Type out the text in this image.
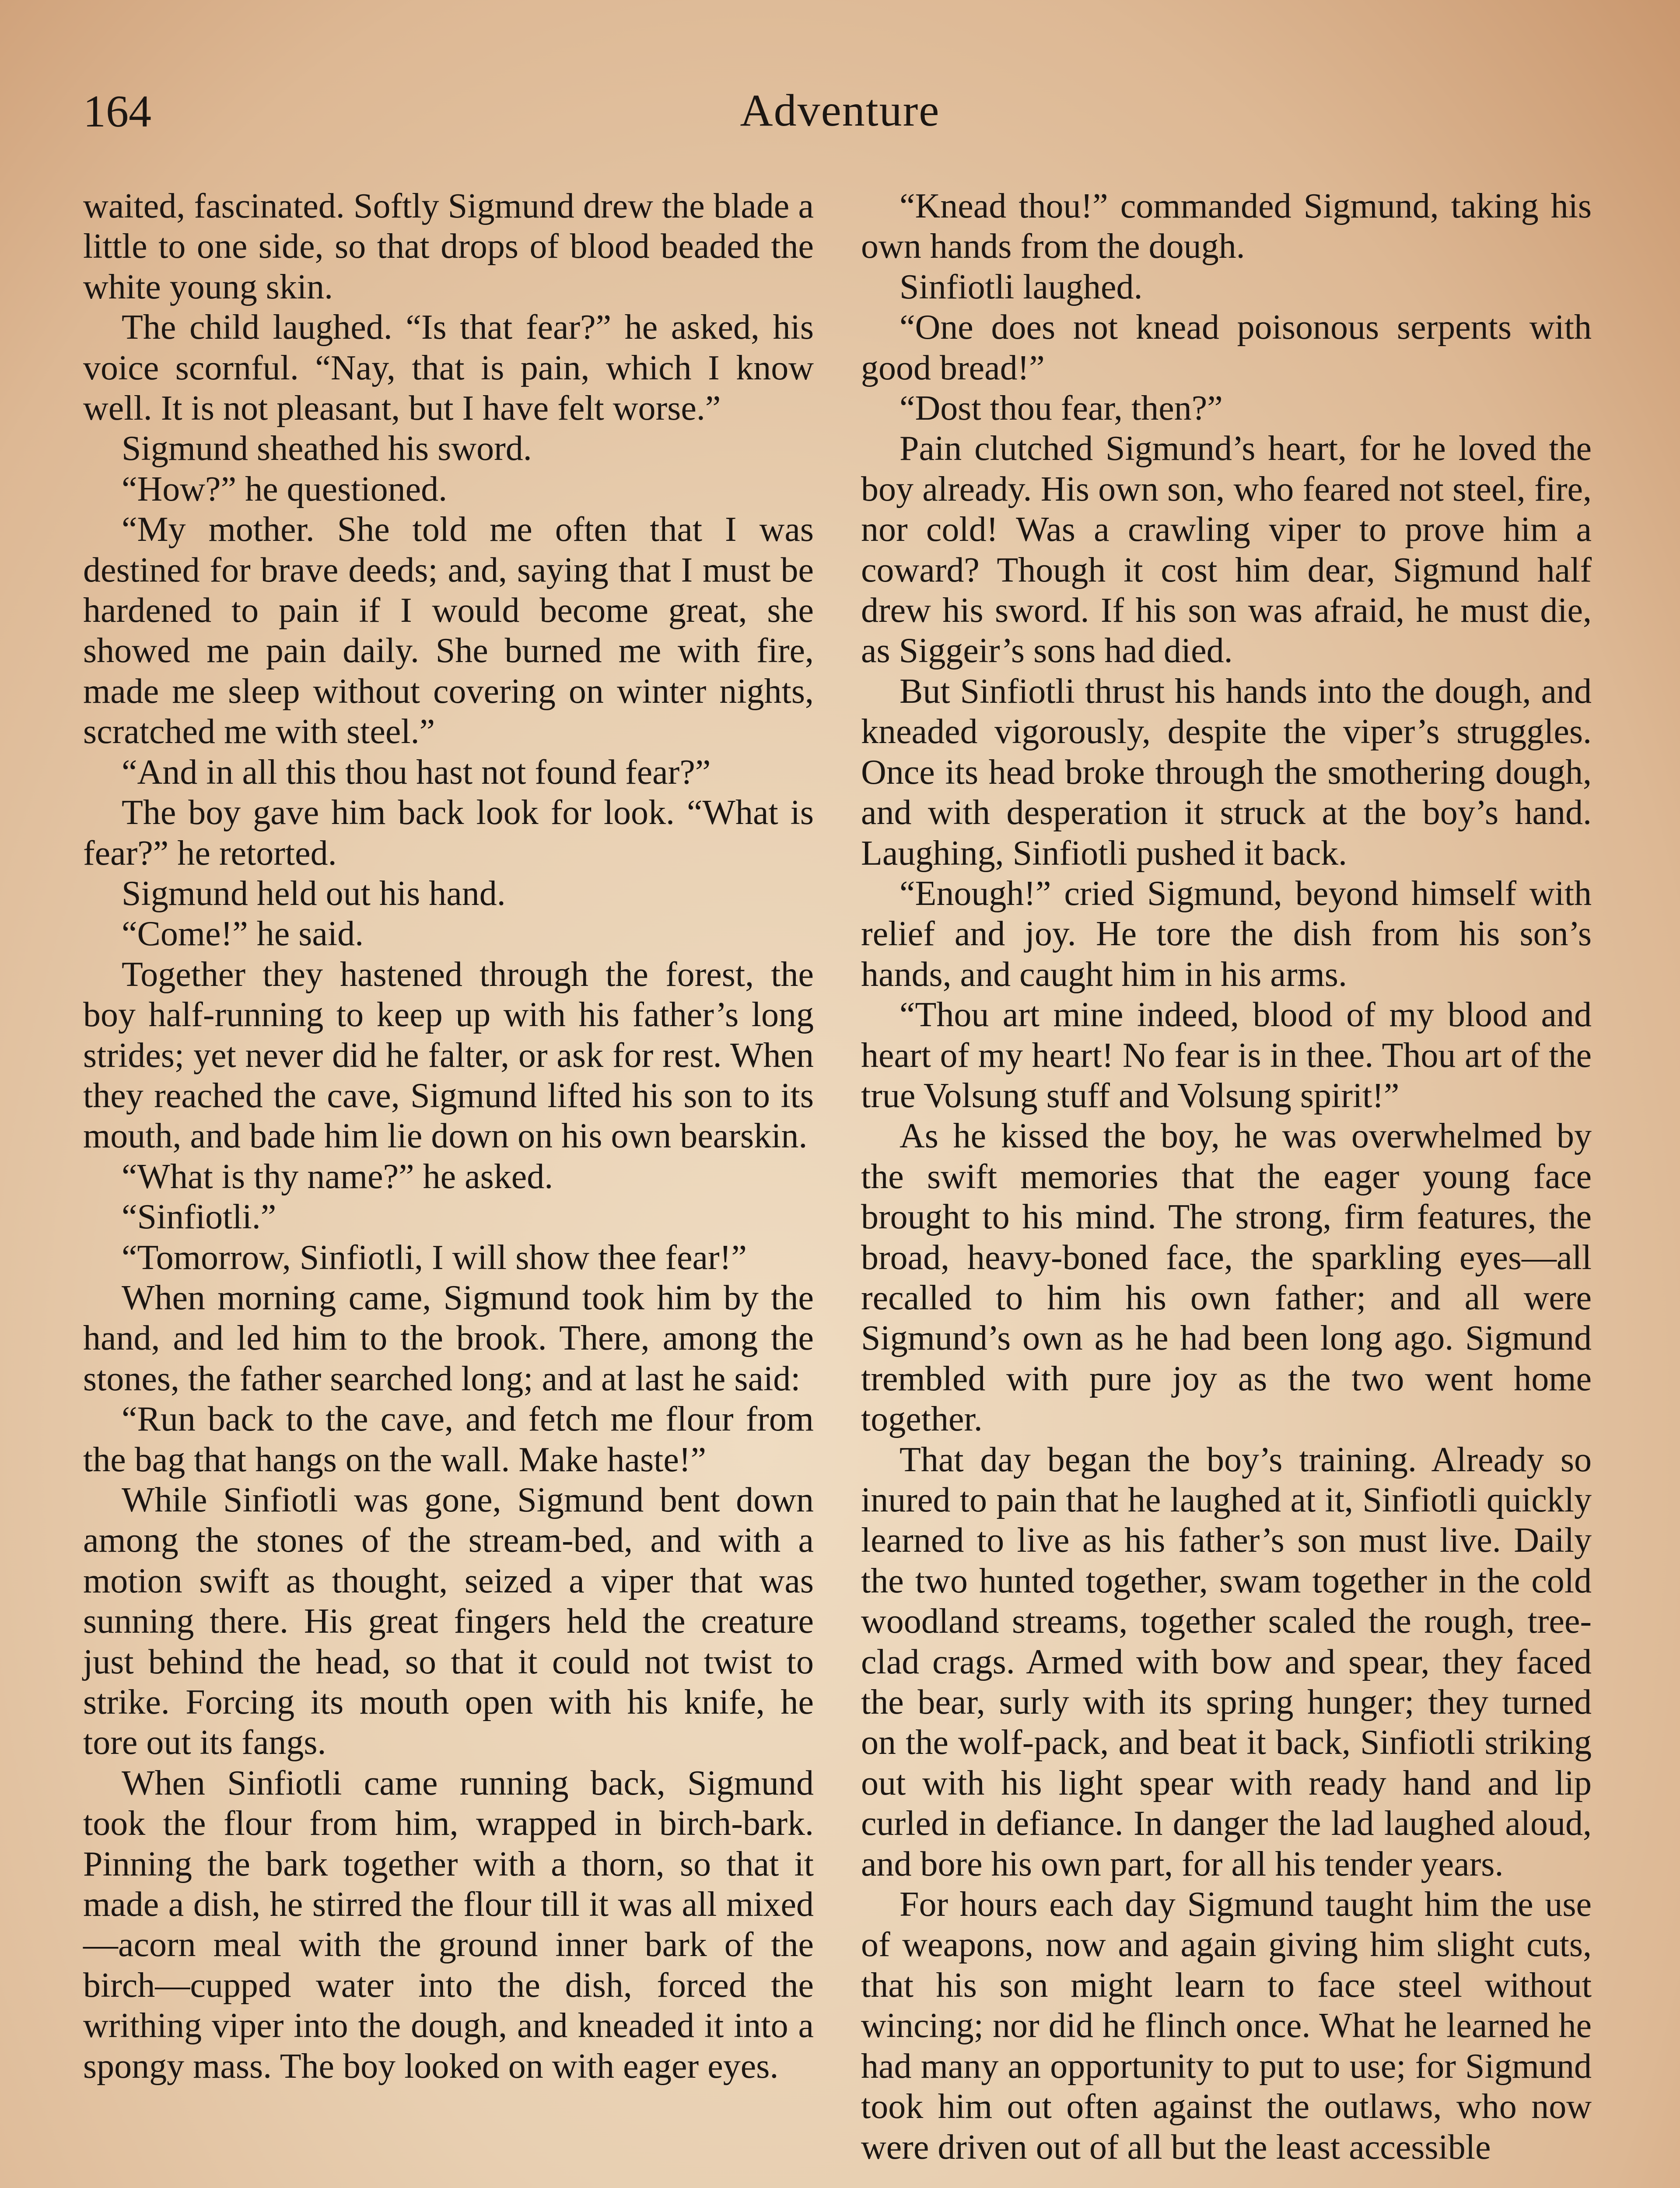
164	Adventure

waited, fascinated. Softly Sigmund drew the blade a little to one side, so that drops of blood beaded the white young skin.

The child laughed. “Is that fear?” he asked, his voice scornful. “Nay, that is pain, which I know well. It is not pleasant, but I have felt worse.”

Sigmund sheathed his sword.

“How?” he questioned.

“My mother. She told me often that I was destined for brave deeds; and, saying that I must be hardened to pain if I would become great, she showed me pain daily. She burned me with fire, made me sleep without covering on winter nights, scratched me with steel.”

“And in all this thou hast not found fear?”

The boy gave him back look for look. “What is fear?” he retorted.

Sigmund held out his hand.

“Come!” he said.

Together they hastened through the forest, the boy half-running to keep up with his father’s long strides; yet never did he falter, or ask for rest. When they reached the cave, Sigmund lifted his son to its mouth, and bade him lie down on his own bearskin.

“What is thy name?” he asked.

“Sinfiotli.”

“Tomorrow, Sinfiotli, I will show thee fear!”

When morning came, Sigmund took him by the hand, and led him to the brook. There, among the stones, the father searched long; and at last he said:

“Run back to the cave, and fetch me flour from the bag that hangs on the wall. Make haste!”

While Sinfiotli was gone, Sigmund bent down among the stones of the stream-bed, and with a motion swift as thought, seized a viper that was sunning there. His great fingers held the creature just behind the head, so that it could not twist to strike. Forcing its mouth open with his knife, he tore out its fangs.

When Sinfiotli came running back, Sigmund took the flour from him, wrapped in birch-bark. Pinning the bark together with a thorn, so that it made a dish, he stirred the flour till it was all mixed—acorn meal with the ground inner bark of the birch—cupped water into the dish, forced the writhing viper into the dough, and kneaded it into a spongy mass. The boy looked on with eager eyes.

“Knead thou!” commanded Sigmund, taking his own hands from the dough.

Sinfiotli laughed.

“One does not knead poisonous serpents with good bread!”

“Dost thou fear, then?”

Pain clutched Sigmund’s heart, for he loved the boy already. His own son, who feared not steel, fire, nor cold! Was a crawling viper to prove him a coward? Though it cost him dear, Sigmund half drew his sword. If his son was afraid, he must die, as Siggeir’s sons had died.

But Sinfiotli thrust his hands into the dough, and kneaded vigorously, despite the viper’s struggles. Once its head broke through the smothering dough, and with desperation it struck at the boy’s hand. Laughing, Sinfiotli pushed it back.

“Enough!” cried Sigmund, beyond himself with relief and joy. He tore the dish from his son’s hands, and caught him in his arms.

“Thou art mine indeed, blood of my blood and heart of my heart! No fear is in thee. Thou art of the true Volsung stuff and Volsung spirit!”

As he kissed the boy, he was overwhelmed by the swift memories that the eager young face brought to his mind. The strong, firm features, the broad, heavy-boned face, the sparkling eyes—all recalled to him his own father; and all were Sigmund’s own as he had been long ago. Sigmund trembled with pure joy as the two went home together.

That day began the boy’s training. Already so inured to pain that he laughed at it, Sinfiotli quickly learned to live as his father’s son must live. Daily the two hunted together, swam together in the cold woodland streams, together scaled the rough, tree-clad crags. Armed with bow and spear, they faced the bear, surly with its spring hunger; they turned on the wolf-pack, and beat it back, Sinfiotli striking out with his light spear with ready hand and lip curled in defiance. In danger the lad laughed aloud, and bore his own part, for all his tender years.

For hours each day Sigmund taught him the use of weapons, now and again giving him slight cuts, that his son might learn to face steel without wincing; nor did he flinch once. What he learned he had many an opportunity to put to use; for Sigmund took him out often against the outlaws, who now were driven out of all but the least accessible
